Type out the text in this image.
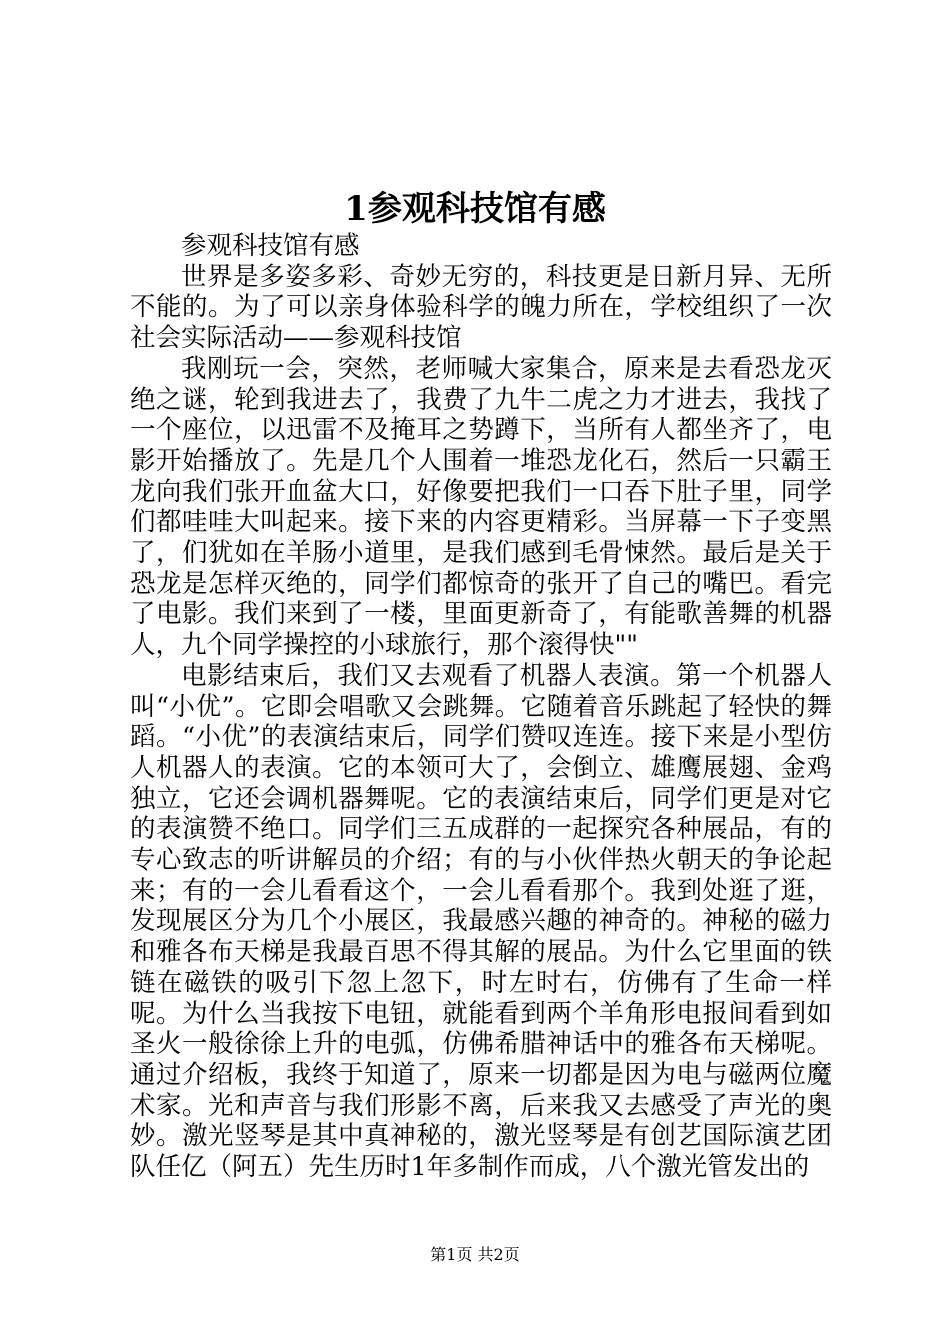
1参观科技馆有感

参观科技馆有感

世界是多姿多彩、奇妙无穷的，科技更是日新月异、无所不能的。为了可以亲身体验科学的魄力所在，学校组织了一次社会实际活动——参观科技馆

我刚玩一会，突然，老师喊大家集合，原来是去看恐龙灭绝之谜，轮到我进去了，我费了九牛二虎之力才进去，我找了一个座位，以迅雷不及掩耳之势蹲下，当所有人都坐齐了，电影开始播放了。先是几个人围着一堆恐龙化石，然后一只霸王龙向我们张开血盆大口，好像要把我们一口吞下肚子里，同学们都哇哇大叫起来。接下来的内容更精彩。当屏幕一下子变黑了，们犹如在羊肠小道里，是我们感到毛骨悚然。最后是关于恐龙是怎样灭绝的，同学们都惊奇的张开了自己的嘴巴。看完了电影。我们来到了一楼，里面更新奇了，有能歌善舞的机器人，九个同学操控的小球旅行，那个滚得快""

电影结束后，我们又去观看了机器人表演。第一个机器人叫“小优”。它即会唱歌又会跳舞。它随着音乐跳起了轻快的舞蹈。“小优”的表演结束后，同学们赞叹连连。接下来是小型仿人机器人的表演。它的本领可大了，会倒立、雄鹰展翅、金鸡独立，它还会调机器舞呢。它的表演结束后，同学们更是对它的表演赞不绝口。同学们三五成群的一起探究各种展品，有的专心致志的听讲解员的介绍；有的与小伙伴热火朝天的争论起来；有的一会儿看看这个，一会儿看看那个。我到处逛了逛，发现展区分为几个小展区，我最感兴趣的神奇的。神秘的磁力和雅各布天梯是我最百思不得其解的展品。为什么它里面的铁链在磁铁的吸引下忽上忽下，时左时右，仿佛有了生命一样呢。为什么当我按下电钮，就能看到两个羊角形电报间看到如圣火一般徐徐上升的电弧，仿佛希腊神话中的雅各布天梯呢。通过介绍板，我终于知道了，原来一切都是因为电与磁两位魔术家。光和声音与我们形影不离，后来我又去感受了声光的奥妙。激光竖琴是其中真神秘的，激光竖琴是有创艺国际演艺团队任亿（阿五）先生历时1年多制作而成，八个激光管发出的

第1页 共2页
